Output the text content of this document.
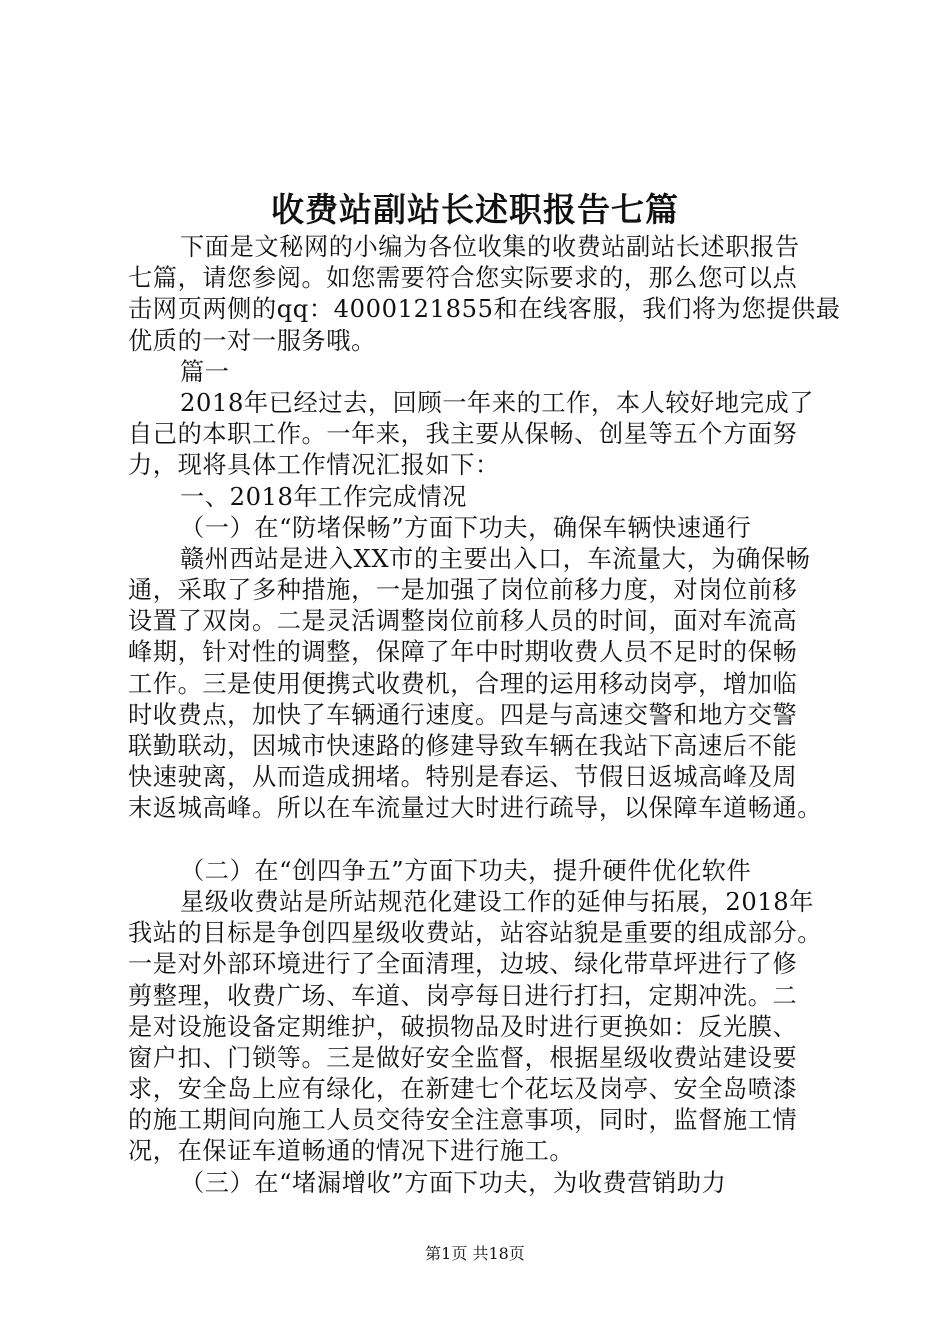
收费站副站长述职报告七篇
下面是文秘网的小编为各位收集的收费站副站长述职报告
七篇，请您参阅。如您需要符合您实际要求的，那么您可以点
击网页两侧的qq：4000121855和在线客服，我们将为您提供最
优质的一对一服务哦。
篇一
2018年已经过去，回顾一年来的工作，本人较好地完成了
自己的本职工作。一年来，我主要从保畅、创星等五个方面努
力，现将具体工作情况汇报如下：
一、2018年工作完成情况
（一）在“防堵保畅”方面下功夫，确保车辆快速通行
赣州西站是进入XX市的主要出入口，车流量大，为确保畅
通，采取了多种措施，一是加强了岗位前移力度，对岗位前移
设置了双岗。二是灵活调整岗位前移人员的时间，面对车流高
峰期，针对性的调整，保障了年中时期收费人员不足时的保畅
工作。三是使用便携式收费机，合理的运用移动岗亭，增加临
时收费点，加快了车辆通行速度。四是与高速交警和地方交警
联勤联动，因城市快速路的修建导致车辆在我站下高速后不能
快速驶离，从而造成拥堵。特别是春运、节假日返城高峰及周
末返城高峰。所以在车流量过大时进行疏导，以保障车道畅通。
（二）在“创四争五”方面下功夫，提升硬件优化软件
星级收费站是所站规范化建设工作的延伸与拓展，2018年
我站的目标是争创四星级收费站，站容站貌是重要的组成部分。
一是对外部环境进行了全面清理，边坡、绿化带草坪进行了修
剪整理，收费广场、车道、岗亭每日进行打扫，定期冲洗。二
是对设施设备定期维护，破损物品及时进行更换如：反光膜、
窗户扣、门锁等。三是做好安全监督，根据星级收费站建设要
求，安全岛上应有绿化，在新建七个花坛及岗亭、安全岛喷漆
的施工期间向施工人员交待安全注意事项，同时，监督施工情
况，在保证车道畅通的情况下进行施工。
（三）在“堵漏增收”方面下功夫，为收费营销助力
第1页 共18页
